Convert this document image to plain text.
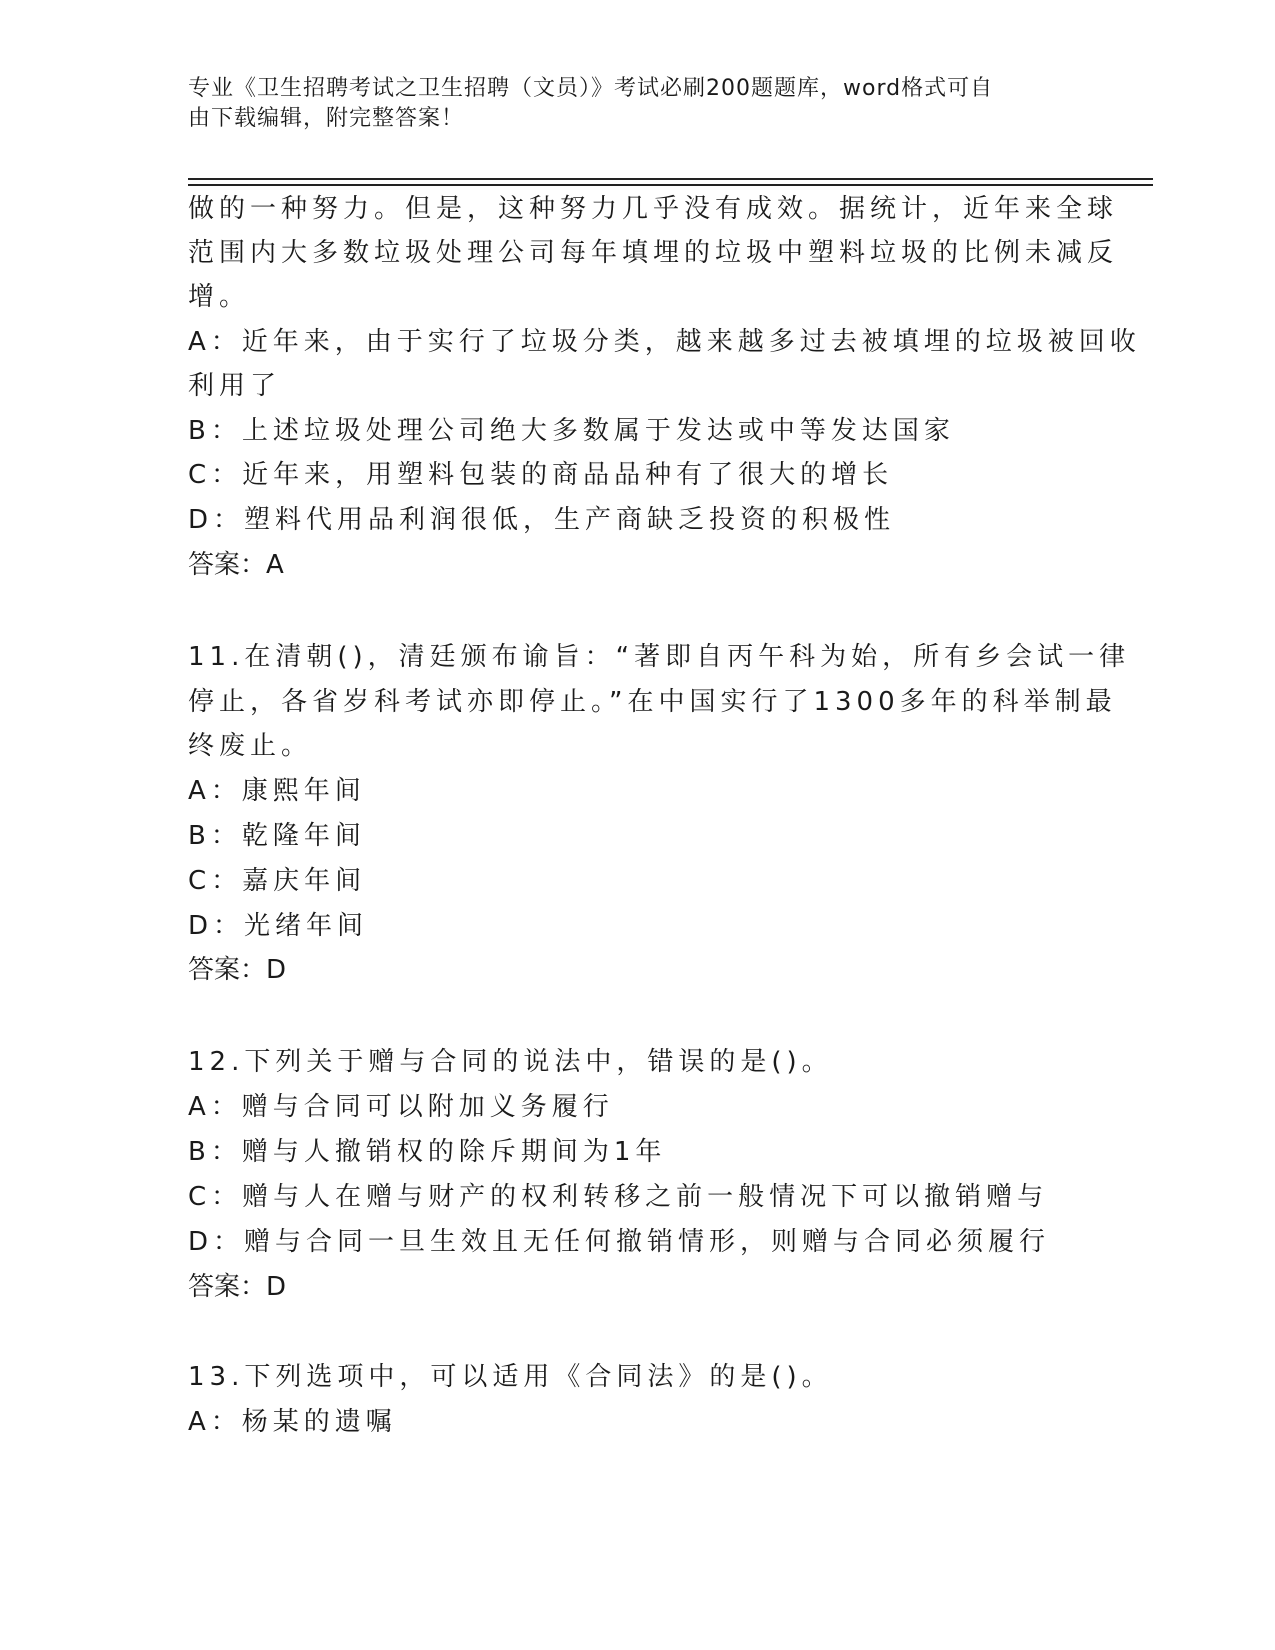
专业《卫生招聘考试之卫生招聘（文员）》考试必刷200题题库，word格式可自
由下载编辑，附完整答案！
做的一种努力。但是，这种努力几乎没有成效。据统计，近年来全球
范围内大多数垃圾处理公司每年填埋的垃圾中塑料垃圾的比例未减反
增。
A：近年来，由于实行了垃圾分类，越来越多过去被填埋的垃圾被回收
利用了
B：上述垃圾处理公司绝大多数属于发达或中等发达国家
C：近年来，用塑料包装的商品品种有了很大的增长
D：塑料代用品利润很低，生产商缺乏投资的积极性
答案：A
11.在清朝()，清廷颁布谕旨：“著即自丙午科为始，所有乡会试一律
停止，各省岁科考试亦即停止。”在中国实行了1300多年的科举制最
终废止。
A：康熙年间
B：乾隆年间
C：嘉庆年间
D：光绪年间
答案：D
12.下列关于赠与合同的说法中，错误的是()。
A：赠与合同可以附加义务履行
B：赠与人撤销权的除斥期间为1年
C：赠与人在赠与财产的权利转移之前一般情况下可以撤销赠与
D：赠与合同一旦生效且无任何撤销情形，则赠与合同必须履行
答案：D
13.下列选项中，可以适用《合同法》的是()。
A：杨某的遗嘱
